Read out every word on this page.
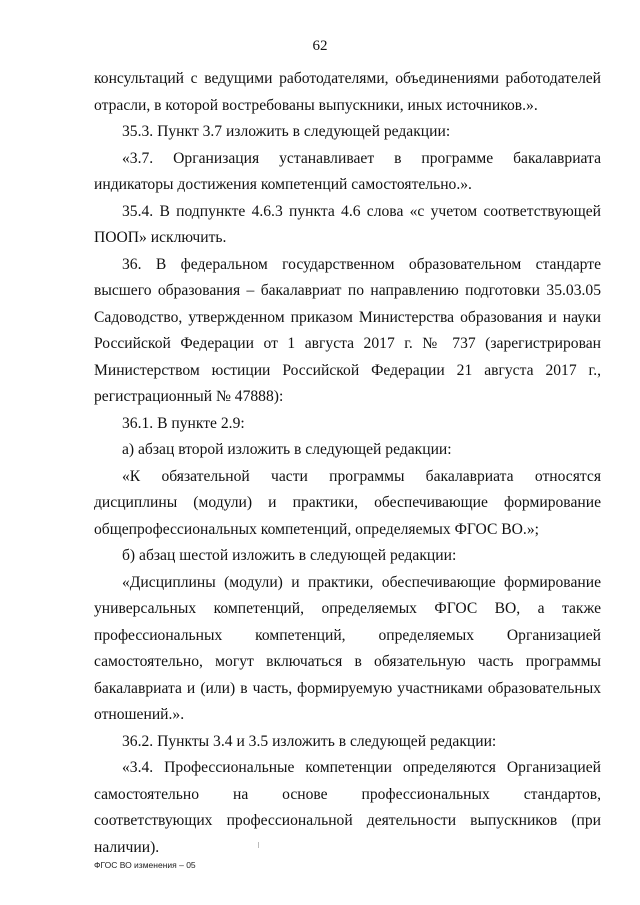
62

консультаций с ведущими работодателями, объединениями работодателей отрасли, в которой востребованы выпускники, иных источников.».

35.3. Пункт 3.7 изложить в следующей редакции:

«3.7. Организация устанавливает в программе бакалавриата индикаторы достижения компетенций самостоятельно.».

35.4. В подпункте 4.6.3 пункта 4.6 слова «с учетом соответствующей ПООП» исключить.

36. В федеральном государственном образовательном стандарте высшего образования – бакалавриат по направлению подготовки 35.03.05 Садоводство, утвержденном приказом Министерства образования и науки Российской Федерации от 1 августа 2017 г. № 737 (зарегистрирован Министерством юстиции Российской Федерации 21 августа 2017 г., регистрационный № 47888):

36.1. В пункте 2.9:

а) абзац второй изложить в следующей редакции:

«К обязательной части программы бакалавриата относятся дисциплины (модули) и практики, обеспечивающие формирование общепрофессиональных компетенций, определяемых ФГОС ВО.»;

б) абзац шестой изложить в следующей редакции:

«Дисциплины (модули) и практики, обеспечивающие формирование универсальных компетенций, определяемых ФГОС ВО, а также профессиональных компетенций, определяемых Организацией самостоятельно, могут включаться в обязательную часть программы бакалавриата и (или) в часть, формируемую участниками образовательных отношений.».

36.2. Пункты 3.4 и 3.5 изложить в следующей редакции:

«3.4. Профессиональные компетенции определяются Организацией самостоятельно на основе профессиональных стандартов, соответствующих профессиональной деятельности выпускников (при наличии).

ФГОС ВО изменения – 05
